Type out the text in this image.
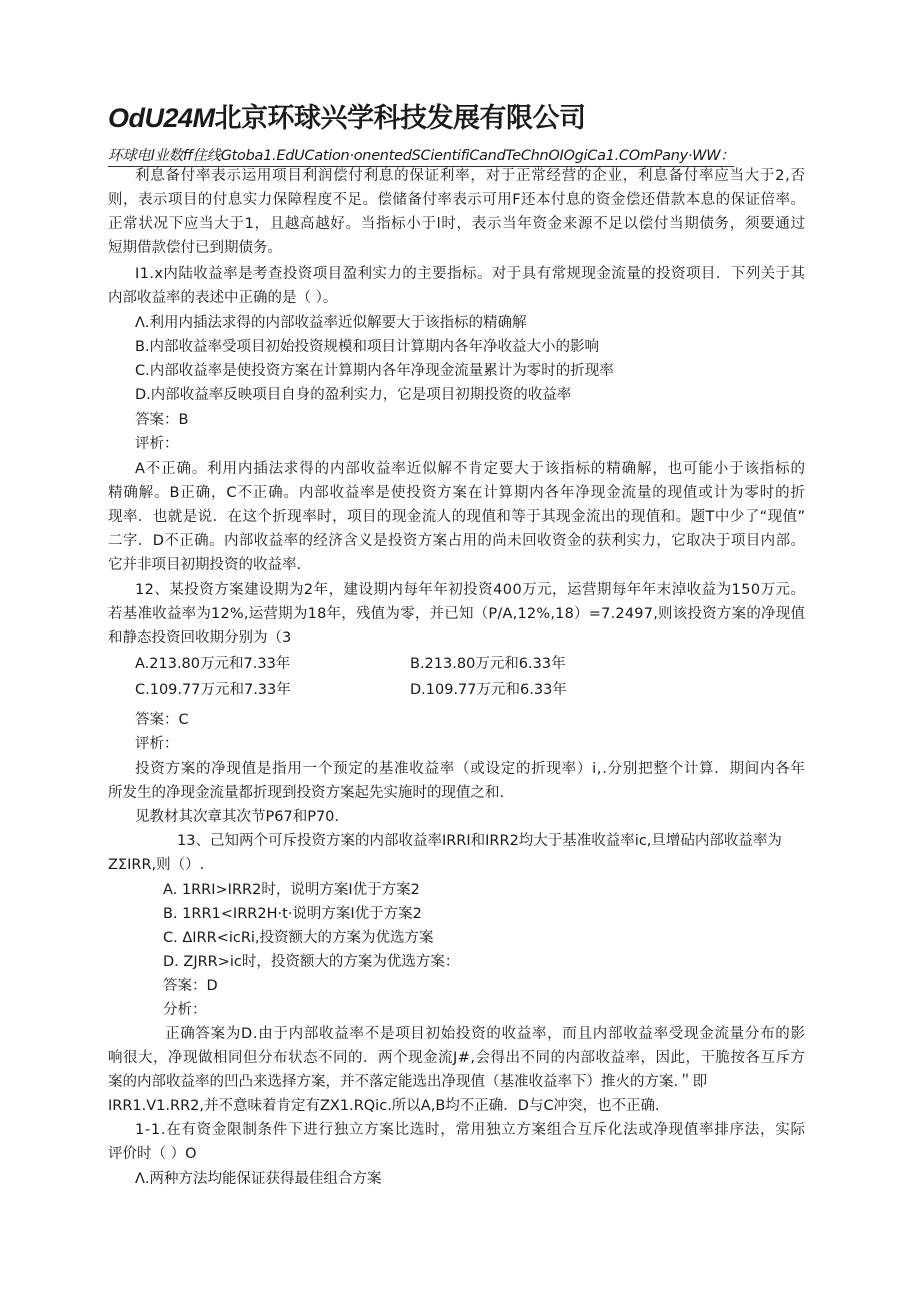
OdU24M北京环球兴学科技发展有限公司
环球电l业数ff住线Gtoba1.EdUCation·onentedSCientifiCandTeChnOIOgiCa1.COmPany·WW：
利息备付率表示运用项目利润偿付利息的保证利率，对于正常经营的企业，利息备付率应当大于2,否
则，表示项目的付息实力保障程度不足。偿储备付率表示可用F还本付息的资金偿还借款本息的保证倍率。
正常状况下应当大于1，且越高越好。当指标小于l时，表示当年资金来源不足以偿付当期债务，须要通过
短期借款偿付已到期债务。
I1.x内陆收益率是考查投资项目盈利实力的主要指标。对于具有常规现金流量的投资项目．下列关于其
内部收益率的表述中正确的是（ ）。
Λ.利用内插法求得的内部收益率近似解要大于该指标的精确解
B.内部收益率受项目初始投资规模和项目计算期内各年净收益大小的影响
C.内部收益率是使投资方案在计算期内各年净现金流量累计为零时的折现率
D.内部收益率反映项目自身的盈利实力，它是项目初期投资的收益率
答案：B
评析：
A不正确。利用内插法求得的内部收益率近似解不肯定要大于该指标的精确解，也可能小于该指标的
精确解。B正确，C不正确。内部收益率是使投资方案在计算期内各年净现金流量的现值或计为零时的折
现率．也就是说．在这个折现率时，项目的现金流人的现值和等于其现金流出的现值和。题T中少了“现值”
二字．D不正确。内部收益率的经济含义是投资方案占用的尚未回收资金的获利实力，它取决于项目内部。
它并非项目初期投资的收益率.
12、某投资方案建设期为2年，建设期内每年年初投资400万元，运营期每年年末淖收益为150万元。
若基准收益率为12%,运营期为18年，残值为零，并已知（P/A,12%,18）=7.2497,则该投资方案的净现值
和静态投资回收期分别为（3
A.213.80万元和7.33年	B.213.80万元和6.33年
C.109.77万元和7.33年	D.109.77万元和6.33年
答案：C
评析：
投资方案的净现值是指用一个预定的基准收益率（或设定的折现率）i,.分别把整个计算．期间内各年
所发生的净现金流量都折现到投资方案起先实施时的现值之和.
见教材其次章其次节P67和P70.
13、己知两个可斥投资方案的内部收益率IRRI和IRR2均大于基准收益率ic,旦增砧内部收益率为
ZΣIRR,则（）.
A. 1RRI>IRR2时，说明方案I优于方案2
B. 1RR1<IRR2H·t·说明方案I优于方案2
C. ΔIRR<icRi,投资额大的方案为优选方案
D. ZJRR>ic时，投资额大的方案为优选方案：
答案：D
分析：
正确答案为D.由于内部收益率不是项目初始投资的收益率，而且内部收益率受现金流量分布的影
响很大，净现做相同但分布状态不同的．两个现金流J#,会得出不同的内部收益率，因此，干脆按各互斥方
案的内部收益率的凹凸来选择方案，并不落定能选出净现值（基准收益率下）推火的方案.＂即
IRR1.V1.RR2,并不意味着肯定有ZX1.RQic.所以A,B均不正确．D与C冲突，也不正确.
1-1.在有资金限制条件下进行独立方案比选时，常用独立方案组合互斥化法或净现值率排序法，实际
评价时（ ）O
Λ.两种方法均能保证获得最佳组合方案
